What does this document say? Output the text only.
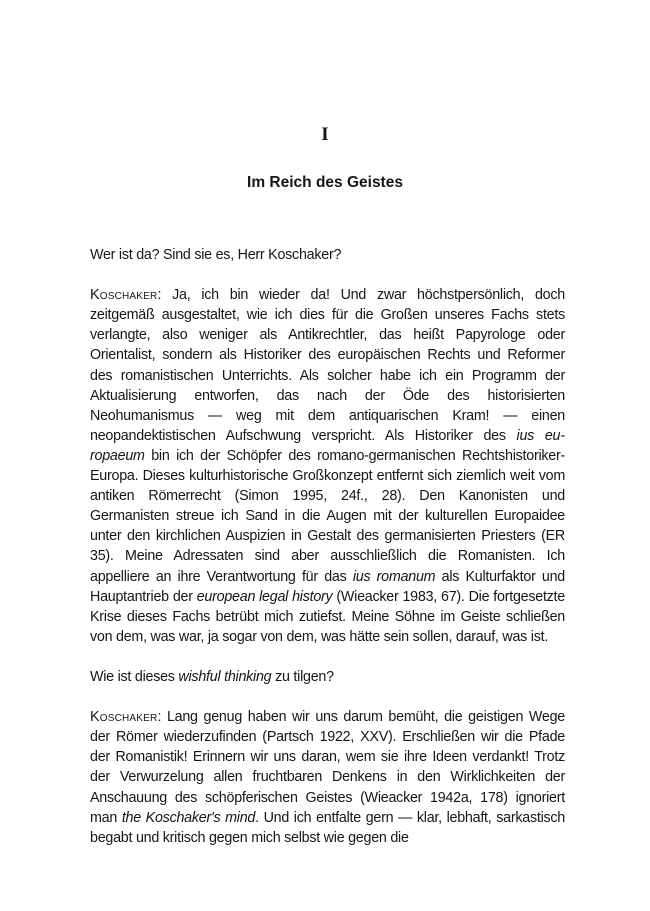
I
Im Reich des Geistes

Wer ist da? Sind sie es, Herr Koschaker?

Koschaker: Ja, ich bin wieder da! Und zwar höchstpersönlich, doch zeitgemäß ausgestaltet, wie ich dies für die Großen unseres Fachs stets verlangte, also weniger als Antikrechtler, das heißt Papyrologe oder Orientalist, sondern als Historiker des europäischen Rechts und Reformer des romanistischen Unterrichts. Als solcher habe ich ein Programm der Aktualisierung entworfen, das nach der Öde des historisierten Neohumanismus — weg mit dem antiquarischen Kram! — einen neopandektistischen Aufschwung verspricht. Als Historiker des ius europaeum bin ich der Schöpfer des romano-germanischen Rechtshistoriker-Europa. Dieses kulturhistorische Großkonzept entfernt sich ziemlich weit vom antiken Römerrecht (Simon 1995, 24f., 28). Den Kanonisten und Germanisten streue ich Sand in die Augen mit der kulturellen Europaidee unter den kirchlichen Auspizien in Gestalt des germanisierten Priesters (ER 35). Meine Adressaten sind aber ausschließlich die Romanisten. Ich appelliere an ihre Verantwortung für das ius romanum als Kulturfaktor und Hauptantrieb der european legal history (Wieacker 1983, 67). Die fortgesetzte Krise dieses Fachs betrübt mich zutiefst. Meine Söhne im Geiste schließen von dem, was war, ja sogar von dem, was hätte sein sollen, darauf, was ist.

Wie ist dieses wishful thinking zu tilgen?

Koschaker: Lang genug haben wir uns darum bemüht, die geistigen Wege der Römer wiederzufinden (Partsch 1922, XXV). Erschließen wir die Pfade der Romanistik! Erinnern wir uns daran, wem sie ihre Ideen verdankt! Trotz der Verwurzelung allen fruchtbaren Denkens in den Wirklichkeiten der Anschauung des schöpferischen Geistes (Wieacker 1942a, 178) ignoriert man the Koschaker's mind. Und ich entfalte gern — klar, lebhaft, sarkastisch begabt und kritisch gegen mich selbst wie gegen die
